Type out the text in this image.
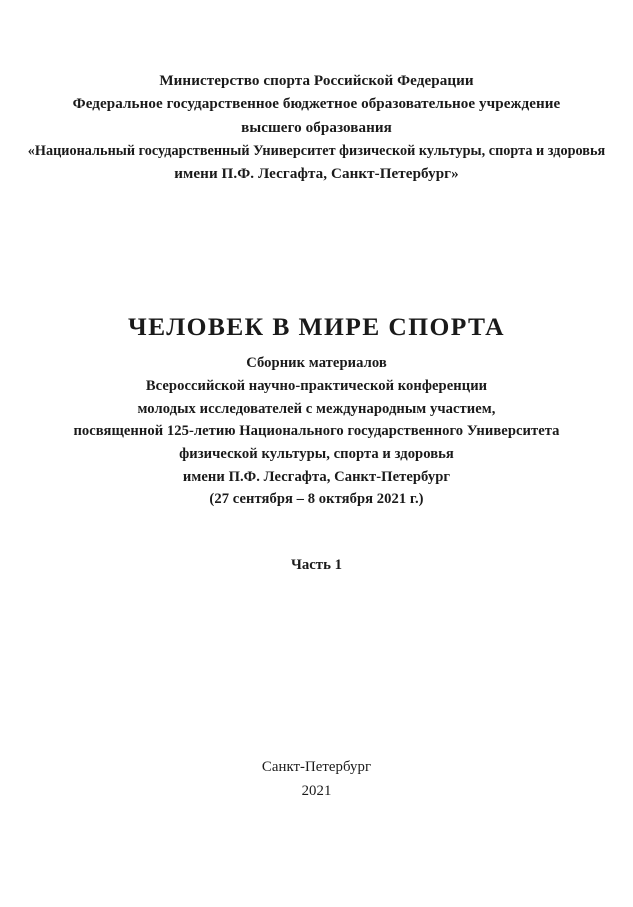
Министерство спорта Российской Федерации
Федеральное государственное бюджетное образовательное учреждение
высшего образования
«Национальный государственный Университет физической культуры, спорта и здоровья
имени П.Ф. Лесгафта, Санкт-Петербург»
ЧЕЛОВЕК В МИРЕ СПОРТА
Сборник материалов
Всероссийской научно-практической конференции
молодых исследователей с международным участием,
посвященной 125-летию Национального государственного Университета
физической культуры, спорта и здоровья
имени П.Ф. Лесгафта, Санкт-Петербург
(27 сентября – 8 октября 2021 г.)
Часть 1
Санкт-Петербург
2021
